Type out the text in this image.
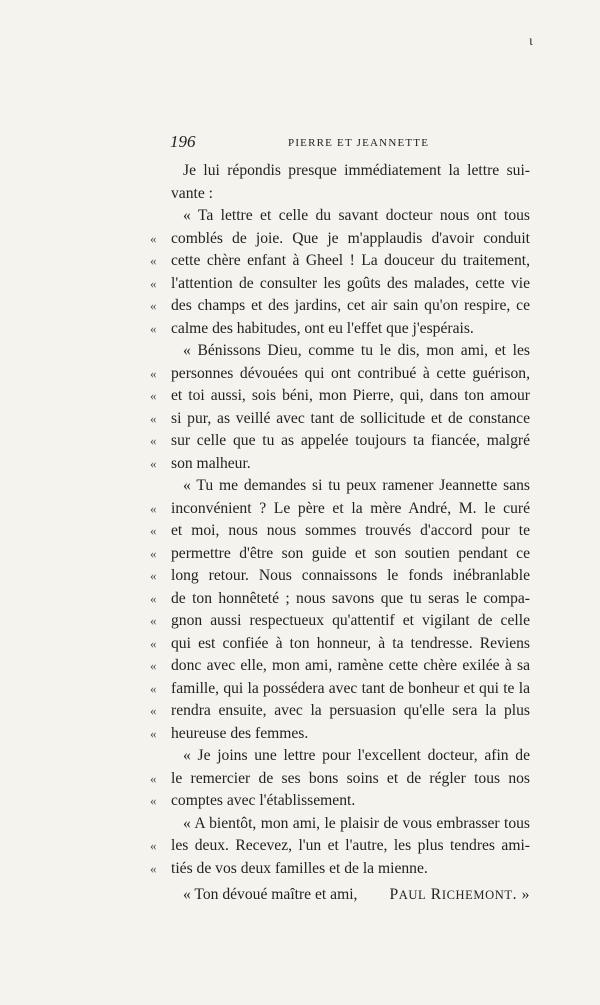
ι
196	PIERRE ET JEANNETTE
Je lui répondis presque immédiatement la lettre sui-
vante :
« Ta lettre et celle du savant docteur nous ont tous
« comblés de joie. Que je m'applaudis d'avoir conduit
« cette chère enfant à Gheel ! La douceur du traitement,
« l'attention de consulter les goûts des malades, cette vie
« des champs et des jardins, cet air sain qu'on respire, ce
« calme des habitudes, ont eu l'effet que j'espérais.
« Bénissons Dieu, comme tu le dis, mon ami, et les
« personnes dévouées qui ont contribué à cette guérison,
« et toi aussi, sois béni, mon Pierre, qui, dans ton amour
« si pur, as veillé avec tant de sollicitude et de constance
« sur celle que tu as appelée toujours ta fiancée, malgré
« son malheur.
« Tu me demandes si tu peux ramener Jeannette sans
« inconvénient ? Le père et la mère André, M. le curé
« et moi, nous nous sommes trouvés d'accord pour te
« permettre d'être son guide et son soutien pendant ce
« long retour. Nous connaissons le fonds inébranlable
« de ton honnêteté ; nous savons que tu seras le compa-
« gnon aussi respectueux qu'attentif et vigilant de celle
« qui est confiée à ton honneur, à ta tendresse. Reviens
« donc avec elle, mon ami, ramène cette chère exilée à sa
« famille, qui la possédera avec tant de bonheur et qui te la
« rendra ensuite, avec la persuasion qu'elle sera la plus
« heureuse des femmes.
« Je joins une lettre pour l'excellent docteur, afin de
« le remercier de ses bons soins et de régler tous nos
« comptes avec l'établissement.
« A bientôt, mon ami, le plaisir de vous embrasser tous
« les deux. Recevez, l'un et l'autre, les plus tendres ami-
« tiés de vos deux familles et de la mienne.
« Ton dévoué maître et ami, PAUL RICHEMONT. »
